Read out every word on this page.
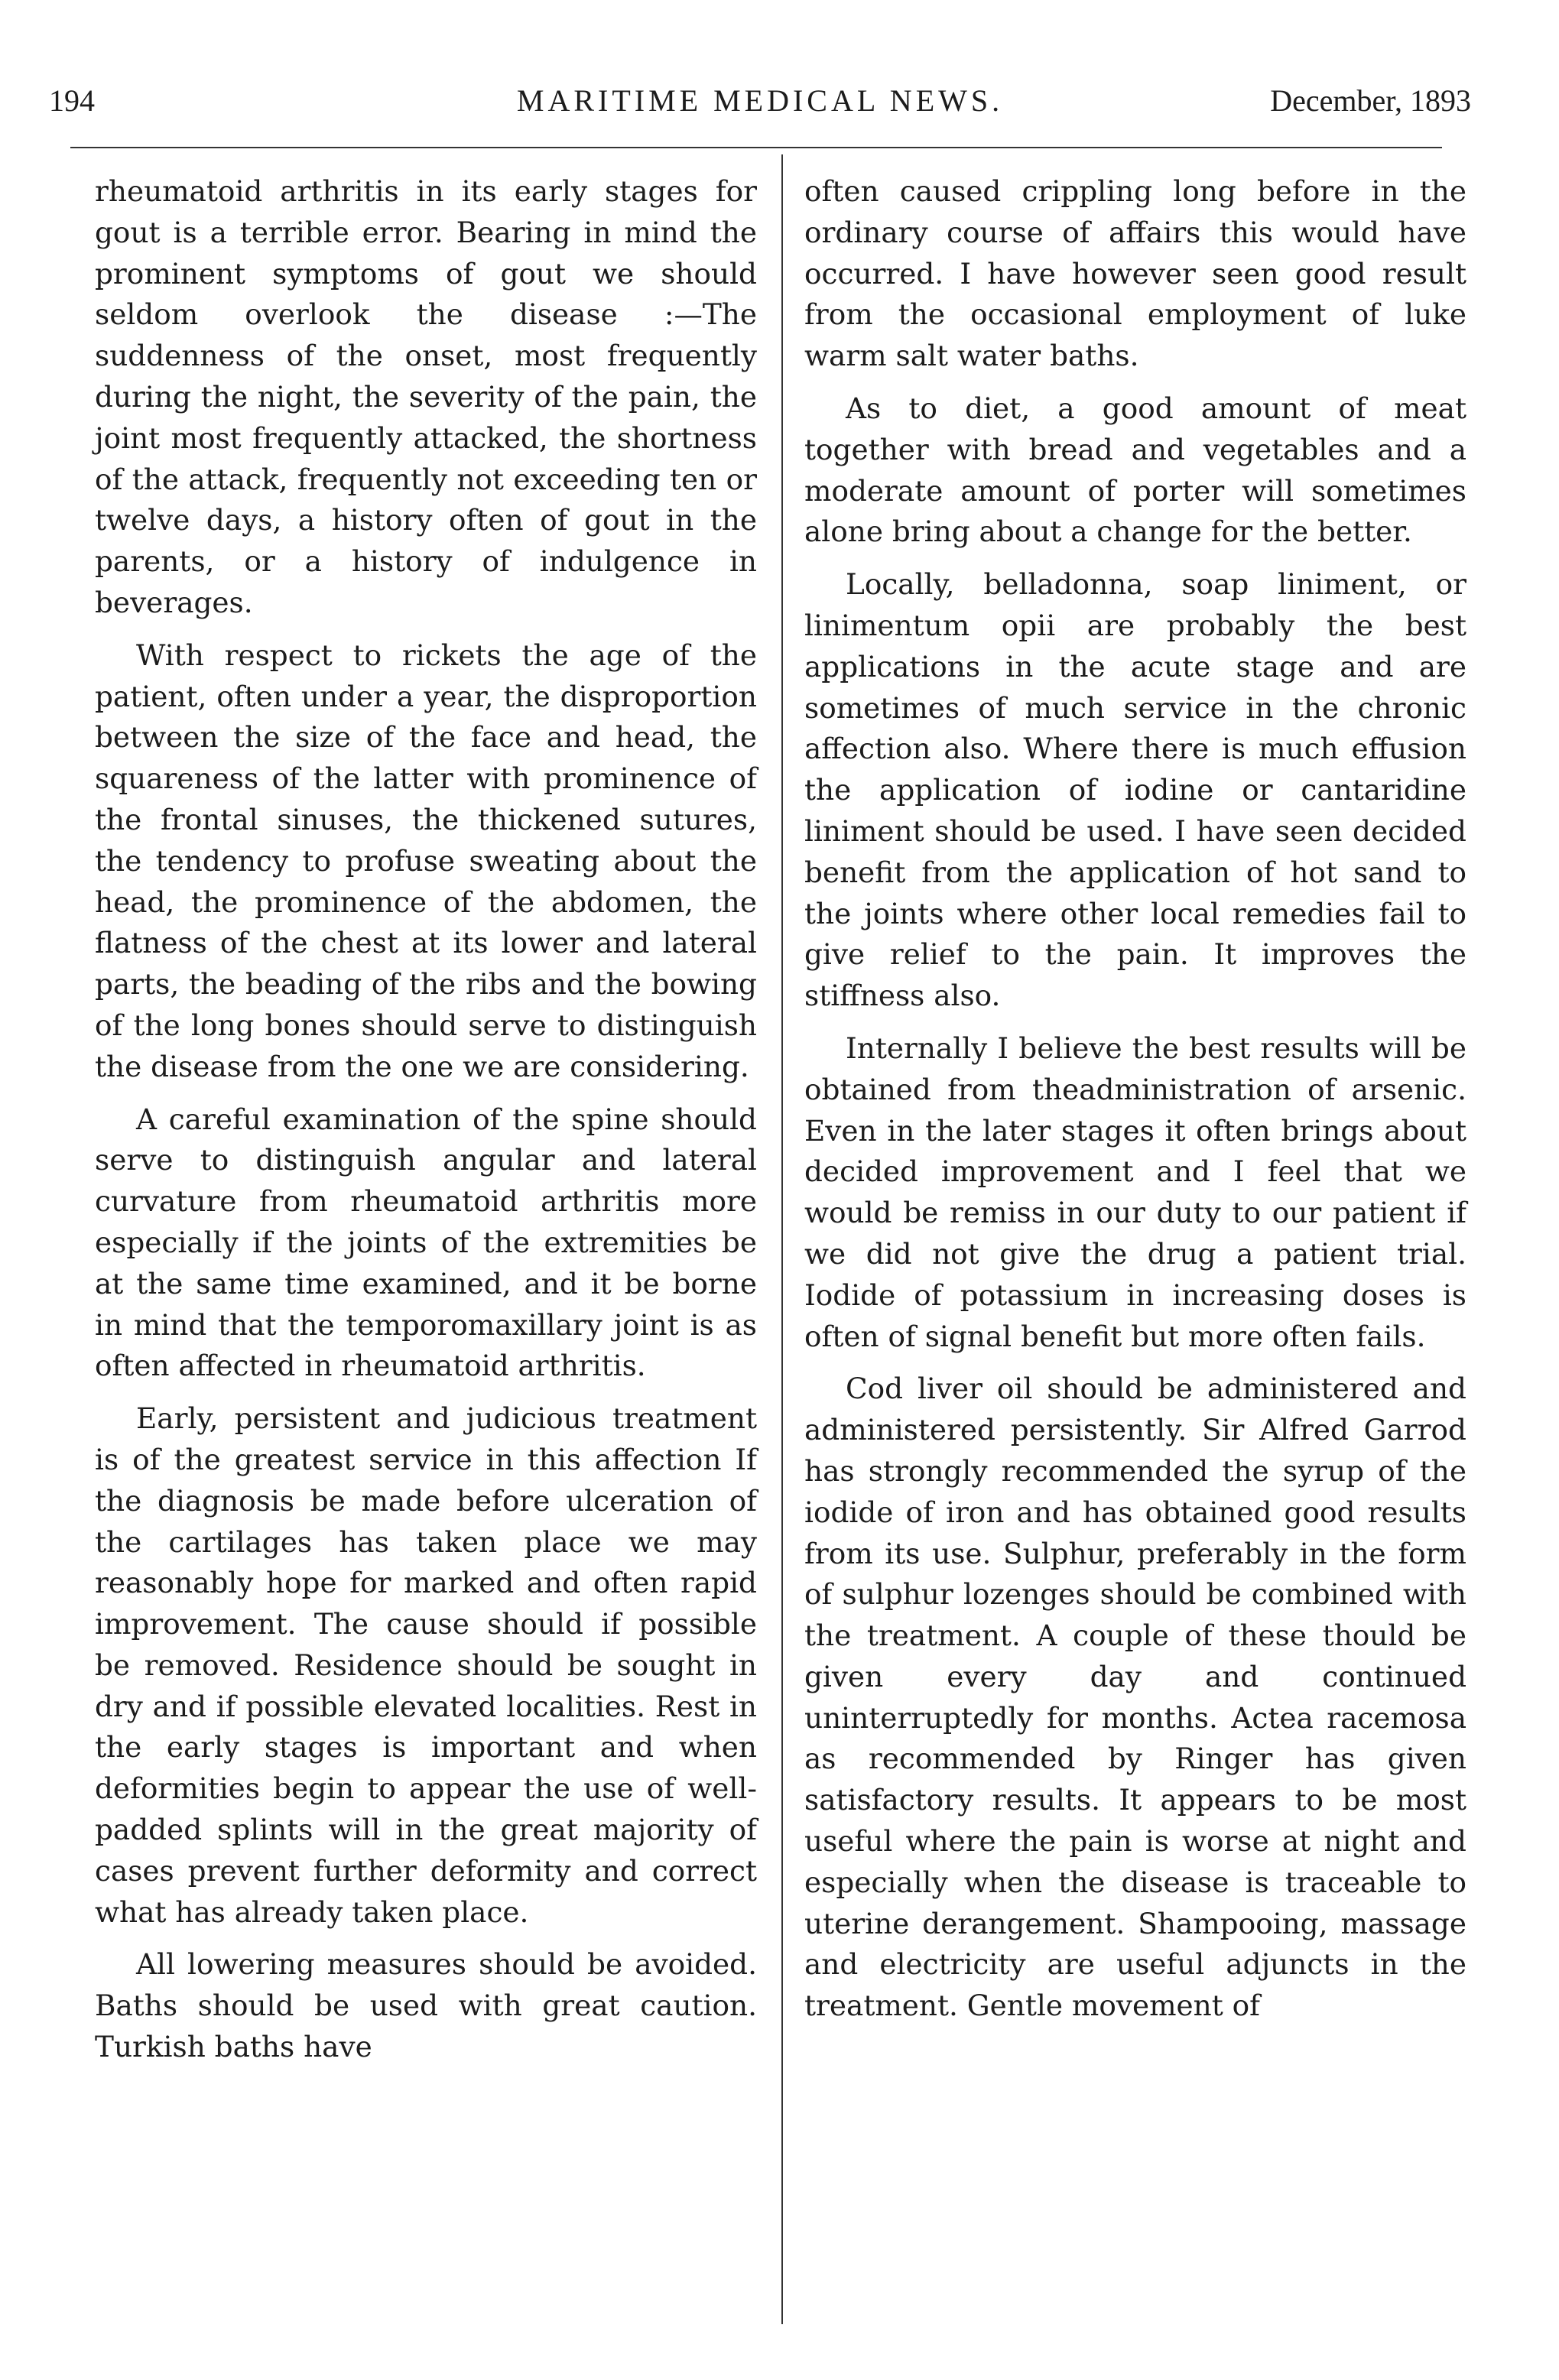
194	MARITIME MEDICAL NEWS.	December, 1893

rheumatoid arthritis in its early stages for gout is a terrible error. Bearing in mind the prominent symptoms of gout we should seldom overlook the disease :—The suddenness of the onset, most frequently during the night, the severity of the pain, the joint most frequently attacked, the shortness of the attack, frequently not exceeding ten or twelve days, a history often of gout in the parents, or a history of indulgence in beverages.

With respect to rickets the age of the patient, often under a year, the disproportion between the size of the face and head, the squareness of the latter with prominence of the frontal sinuses, the thickened sutures, the tendency to profuse sweating about the head, the prominence of the abdomen, the flatness of the chest at its lower and lateral parts, the beading of the ribs and the bowing of the long bones should serve to distinguish the disease from the one we are considering.

A careful examination of the spine should serve to distinguish angular and lateral curvature from rheumatoid arthritis more especially if the joints of the extremities be at the same time examined, and it be borne in mind that the temporomaxillary joint is as often affected in rheumatoid arthritis.

Early, persistent and judicious treatment is of the greatest service in this affection If the diagnosis be made before ulceration of the cartilages has taken place we may reasonably hope for marked and often rapid improvement. The cause should if possible be removed. Residence should be sought in dry and if possible elevated localities. Rest in the early stages is important and when deformities begin to appear the use of well-padded splints will in the great majority of cases prevent further deformity and correct what has already taken place.

All lowering measures should be avoided. Baths should be used with great caution. Turkish baths have

often caused crippling long before in the ordinary course of affairs this would have occurred. I have however seen good result from the occasional employment of luke warm salt water baths.

As to diet, a good amount of meat together with bread and vegetables and a moderate amount of porter will sometimes alone bring about a change for the better.

Locally, belladonna, soap liniment, or linimentum opii are probably the best applications in the acute stage and are sometimes of much service in the chronic affection also. Where there is much effusion the application of iodine or cantaridine liniment should be used. I have seen decided benefit from the application of hot sand to the joints where other local remedies fail to give relief to the pain. It improves the stiffness also.

Internally I believe the best results will be obtained from theadministration of arsenic. Even in the later stages it often brings about decided improvement and I feel that we would be remiss in our duty to our patient if we did not give the drug a patient trial. Iodide of potassium in increasing doses is often of signal benefit but more often fails.

Cod liver oil should be administered and administered persistently. Sir Alfred Garrod has strongly recommended the syrup of the iodide of iron and has obtained good results from its use. Sulphur, preferably in the form of sulphur lozenges should be combined with the treatment. A couple of these thould be given every day and continued uninterruptedly for months. Actea racemosa as recommended by Ringer has given satisfactory results. It appears to be most useful where the pain is worse at night and especially when the disease is traceable to uterine derangement. Shampooing, massage and electricity are useful adjuncts in the treatment. Gentle movement of
